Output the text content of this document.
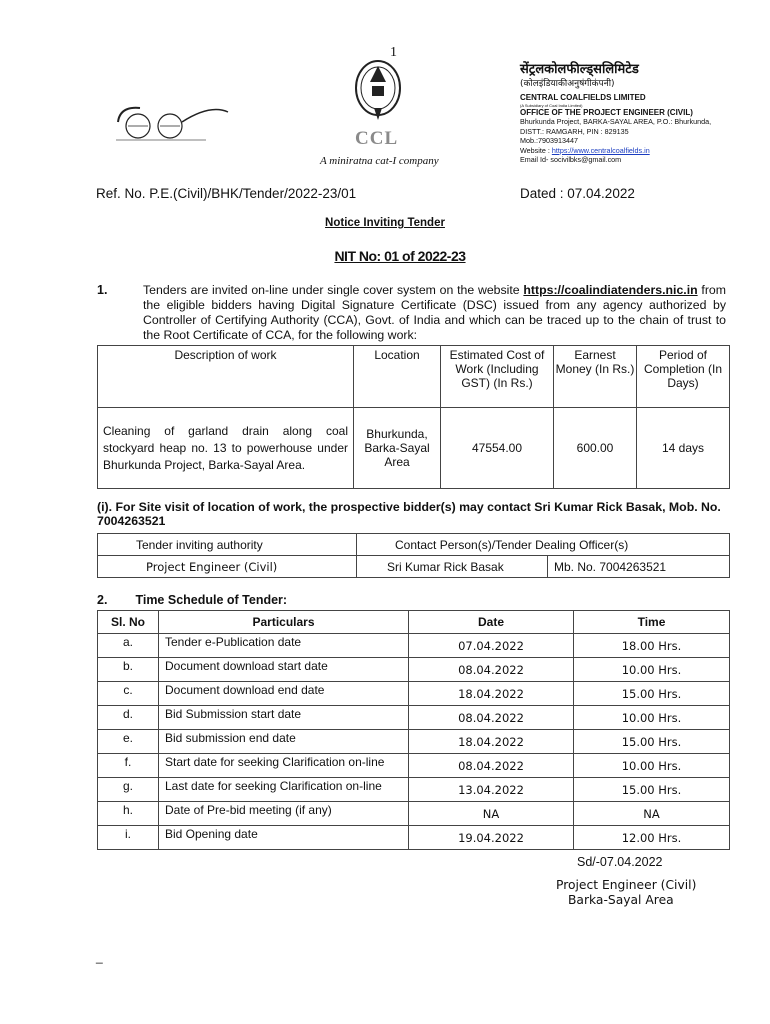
1
CCL
A miniratna cat-I company
सेंट्रलकोलफील्ड्सलिमिटेड
(कोलइंडियाकीअनुषंगीकंपनी)
CENTRAL COALFIELDS LIMITED
(A Subsidiary of Coal India Limited)
OFFICE OF THE PROJECT ENGINEER (CIVIL)
Bhurkunda Project, BARKA-SAYAL AREA, P.O.: Bhurkunda,
DISTT.: RAMGARH, PIN : 829135
Mob.:7903913447
Website : https://www.centralcoalfields.in
Email Id- socivilbks@gmail.com
Ref. No. P.E.(Civil)/BHK/Tender/2022-23/01	Dated : 07.04.2022
Notice Inviting Tender
NIT No: 01 of 2022-23
1.	Tenders are invited on-line under single cover system on the website https://coalindiatenders.nic.in from the eligible bidders having Digital Signature Certificate (DSC) issued from any agency authorized by Controller of Certifying Authority (CCA), Govt. of India and which can be traced up to the chain of trust to the Root Certificate of CCA, for the following work:
Description of work	Location	Estimated Cost of Work (Including GST) (In Rs.)	Earnest Money (In Rs.)	Period of Completion (In Days)
Cleaning of garland drain along coal stockyard heap no. 13 to powerhouse under Bhurkunda Project, Barka-Sayal Area.	Bhurkunda, Barka-Sayal Area	47554.00	600.00	14 days
(i). For Site visit of location of work, the prospective bidder(s) may contact Sri Kumar Rick Basak, Mob. No. 7004263521
Tender inviting authority	Contact Person(s)/Tender Dealing Officer(s)	
Project Engineer (Civil)	Sri Kumar Rick Basak	Mb. No. 7004263521
2. Time Schedule of Tender:
Sl. No	Particulars	Date	Time
a.	Tender e-Publication date	07.04.2022	18.00 Hrs.
b.	Document download start date	08.04.2022	10.00 Hrs.
c.	Document download end date	18.04.2022	15.00 Hrs.
d.	Bid Submission start date	08.04.2022	10.00 Hrs.
e.	Bid submission end date	18.04.2022	15.00 Hrs.
f.	Start date for seeking Clarification on-line	08.04.2022	10.00 Hrs.
g.	Last date for seeking Clarification on-line	13.04.2022	15.00 Hrs.
h.	Date of Pre-bid meeting (if any)	NA	NA
i.	Bid Opening date	19.04.2022	12.00 Hrs.
Sd/-07.04.2022
Project Engineer (Civil)
Barka-Sayal Area
_
